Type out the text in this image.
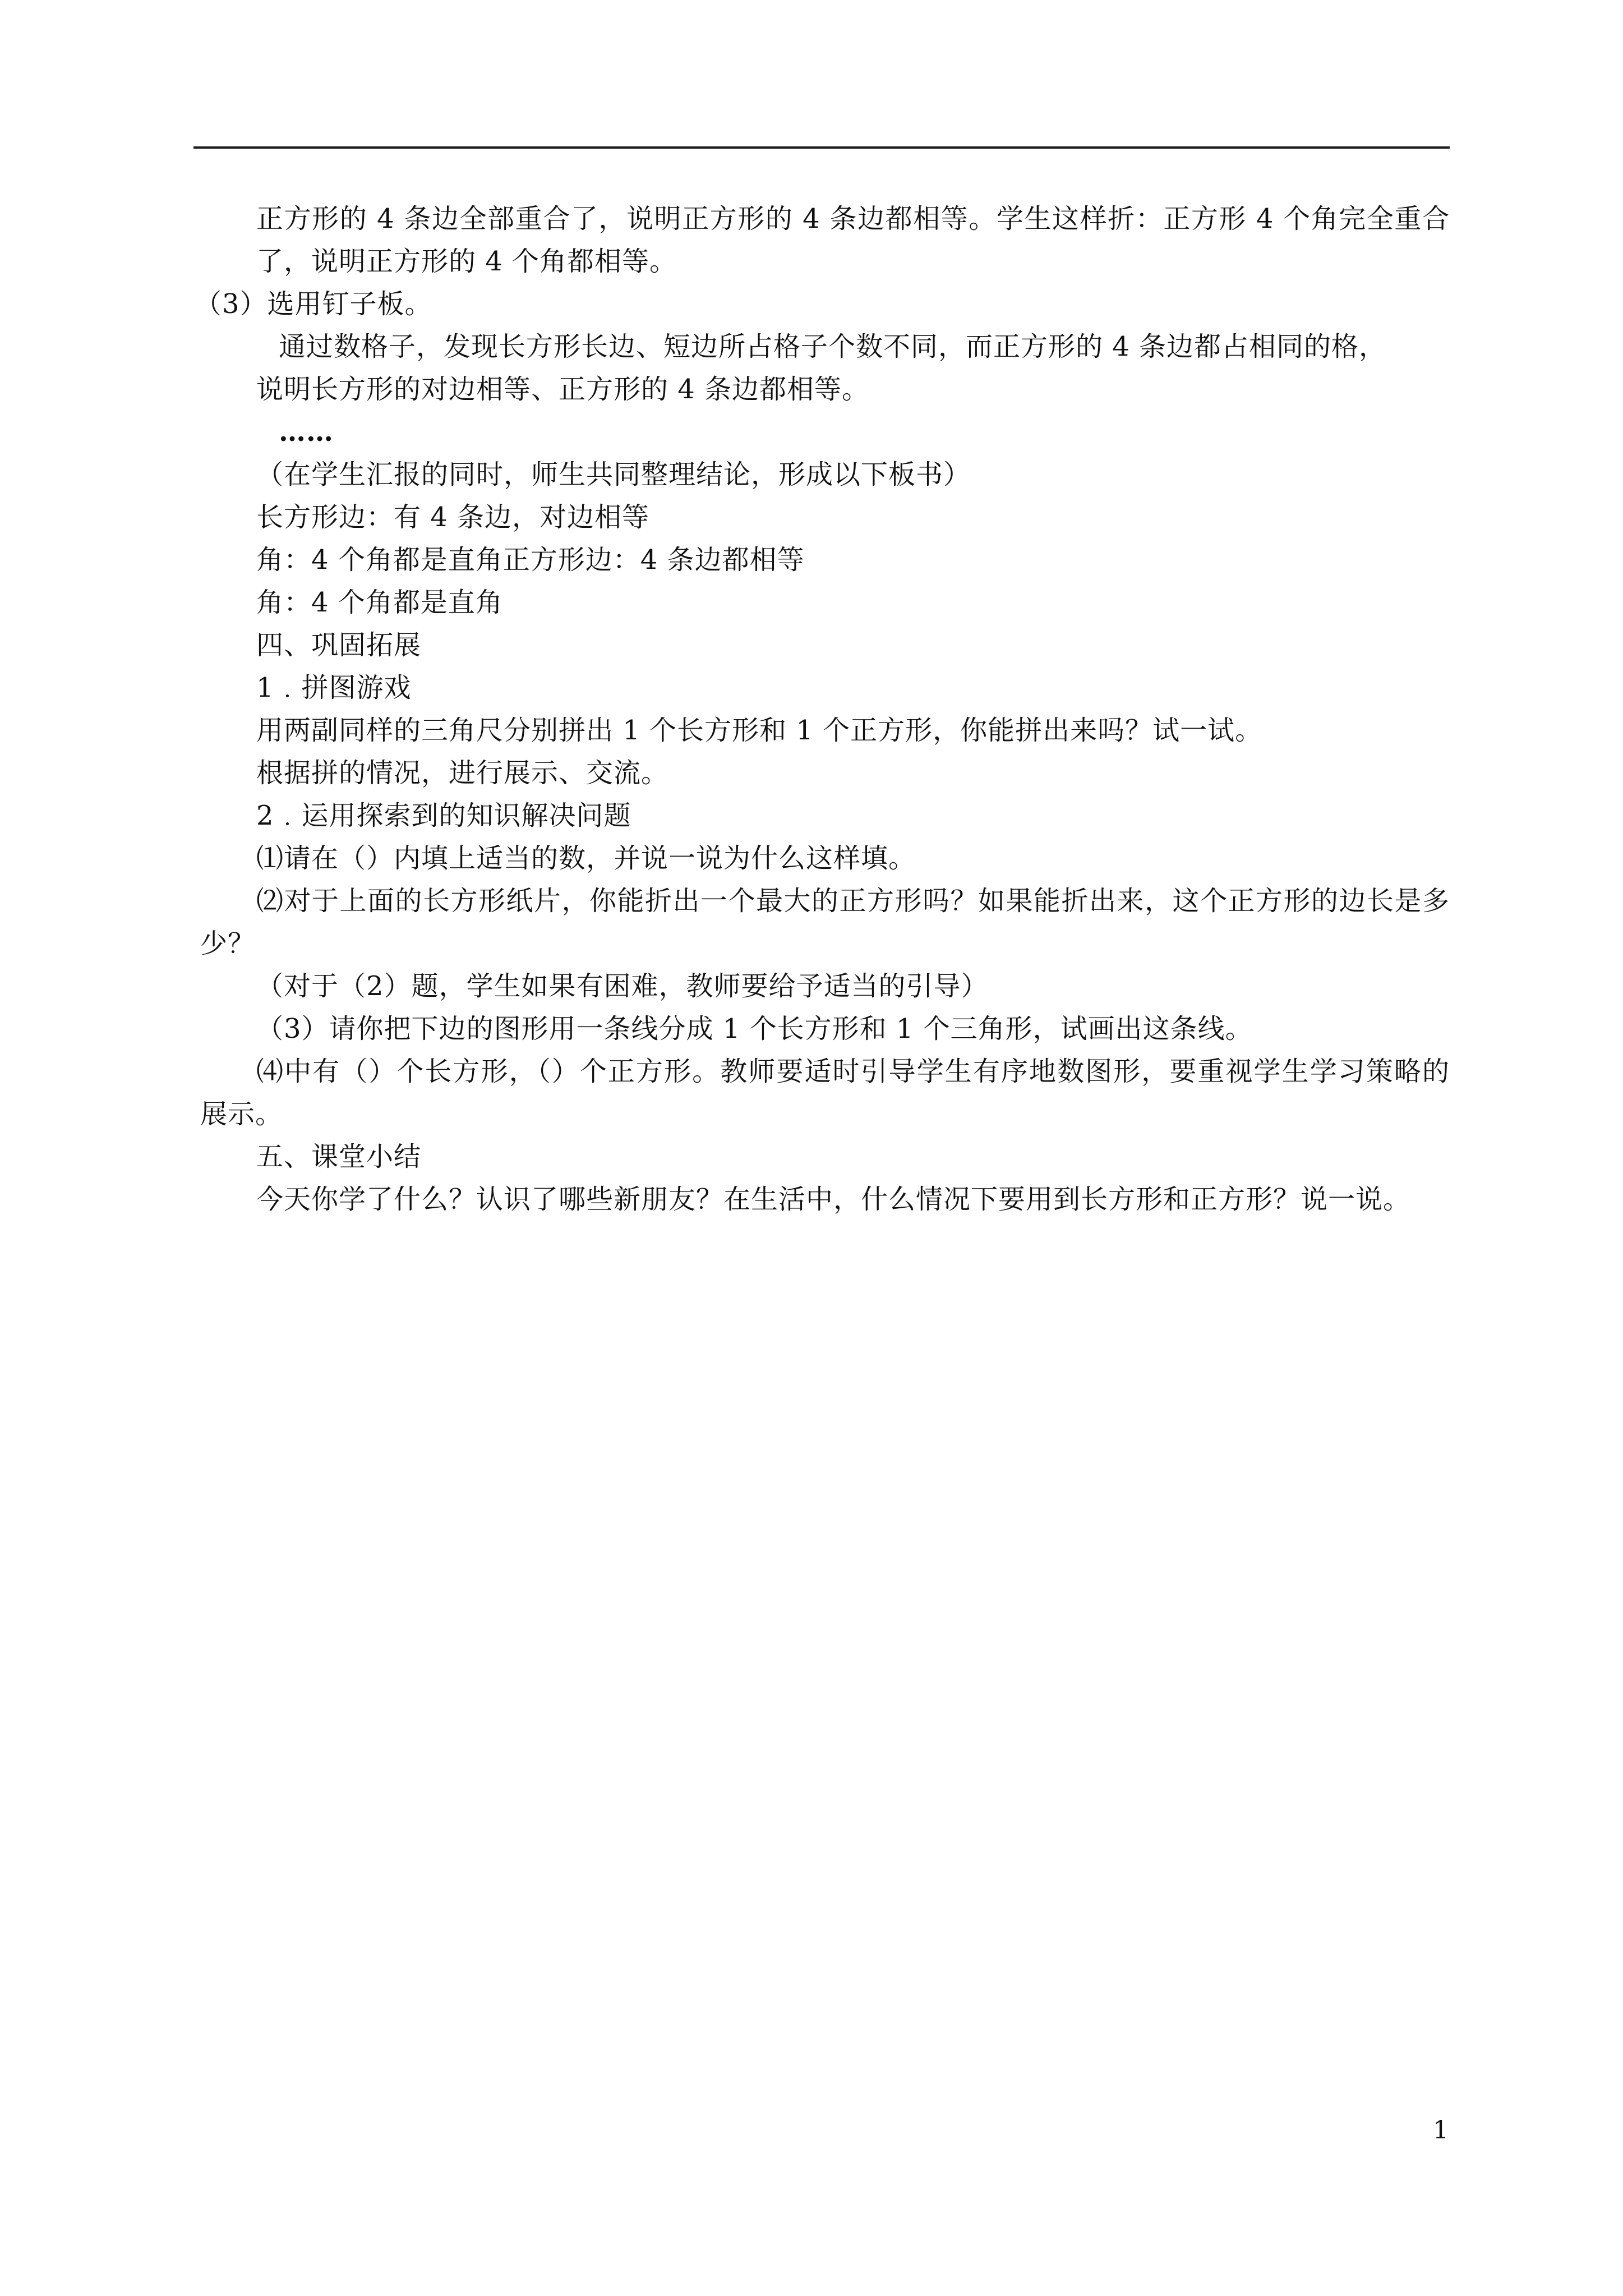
正方形的 4 条边全部重合了，说明正方形的 4 条边都相等。学生这样折：正方形 4 个角完全重合了，说明正方形的 4 个角都相等。
（3）选用钉子板。
通过数格子，发现长方形长边、短边所占格子个数不同，而正方形的 4 条边都占相同的格，
说明长方形的对边相等、正方形的 4 条边都相等。
……
（在学生汇报的同时，师生共同整理结论，形成以下板书）
长方形边：有 4 条边，对边相等
角：4 个角都是直角正方形边：4 条边都相等
角：4 个角都是直角
四、巩固拓展
1﹒拼图游戏
用两副同样的三角尺分别拼出 1 个长方形和 1 个正方形，你能拼出来吗？试一试。
根据拼的情况，进行展示、交流。
2﹒运用探索到的知识解决问题
⑴请在（）内填上适当的数，并说一说为什么这样填。
⑵对于上面的长方形纸片，你能折出一个最大的正方形吗？如果能折出来，这个正方形的边长是多少？
（对于（2）题，学生如果有困难，教师要给予适当的引导）
（3）请你把下边的图形用一条线分成 1 个长方形和 1 个三角形，试画出这条线。
⑷中有（）个长方形，（）个正方形。教师要适时引导学生有序地数图形，要重视学生学习策略的展示。
五、课堂小结
今天你学了什么？认识了哪些新朋友？在生活中，什么情况下要用到长方形和正方形？说一说。
1
